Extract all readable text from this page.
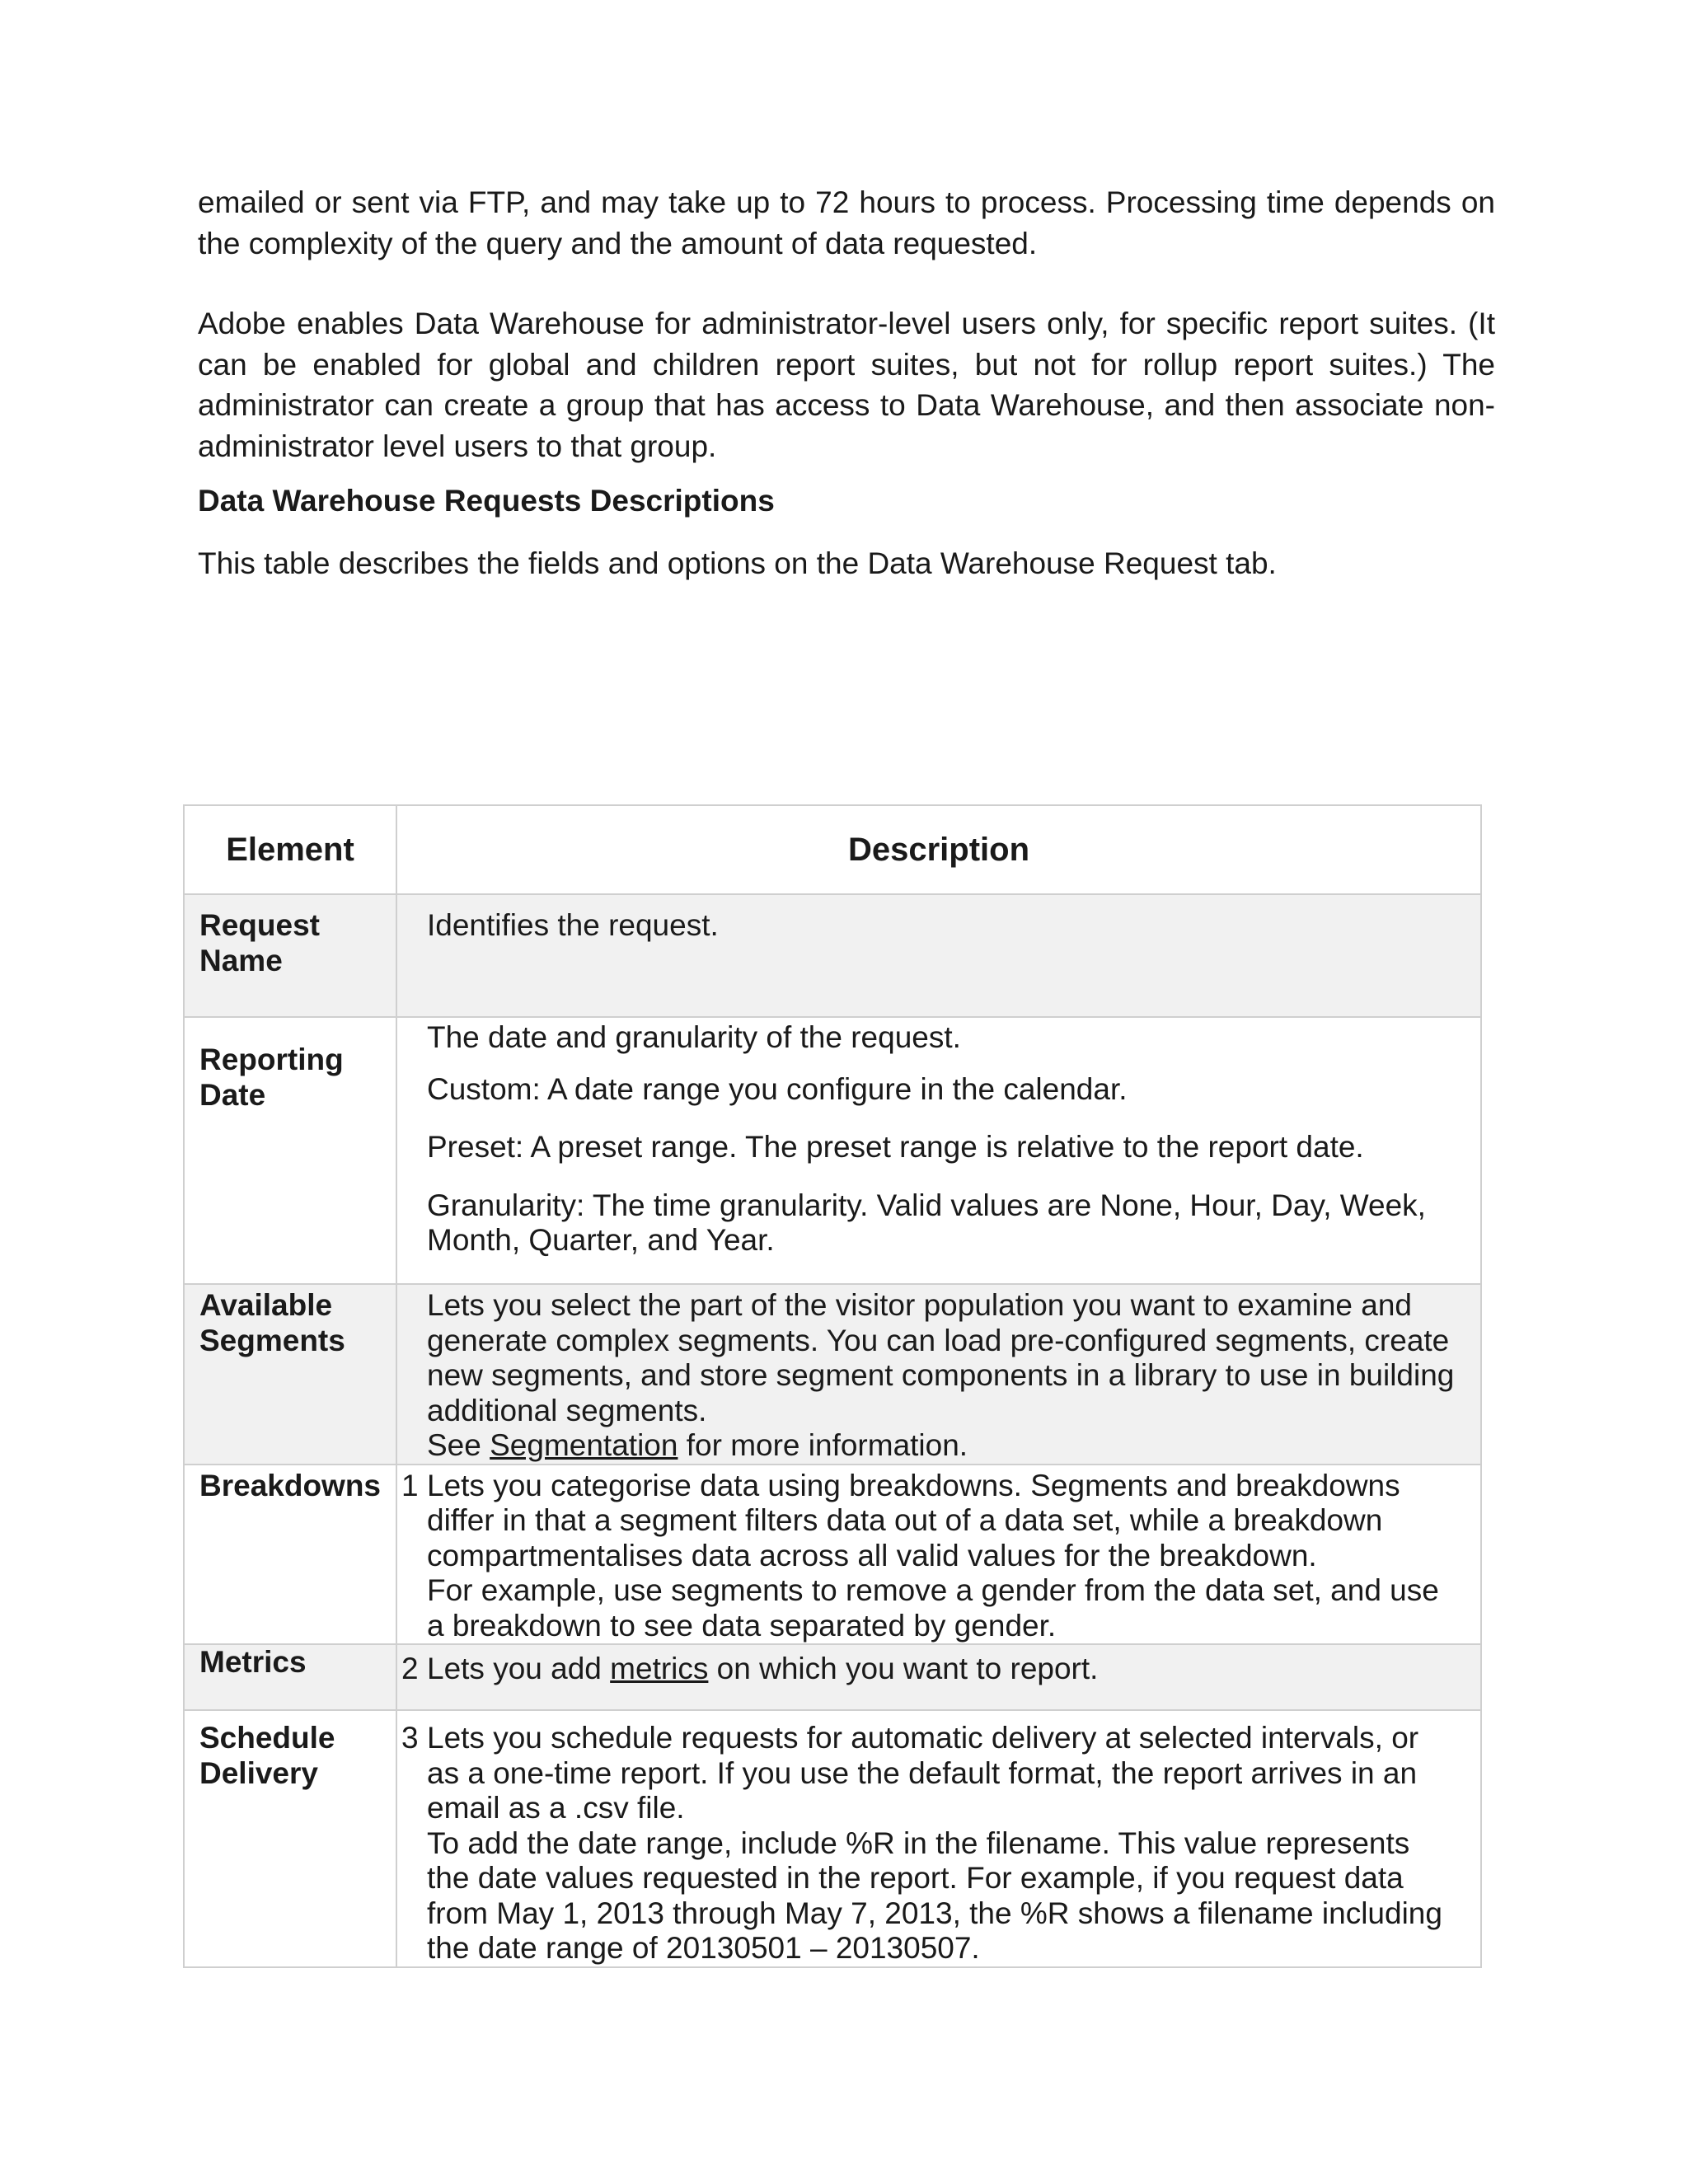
emailed or sent via FTP, and may take up to 72 hours to process. Processing time depends on the complexity of the query and the amount of data requested.

Adobe enables Data Warehouse for administrator-level users only, for specific report suites. (It can be enabled for global and children report suites, but not for rollup report suites.) The administrator can create a group that has access to Data Warehouse, and then associate non-administrator level users to that group.

Data Warehouse Requests Descriptions

This table describes the fields and options on the Data Warehouse Request tab.

Element	Description
Request Name	Identifies the request.

Reporting Date	The date and granularity of the request.

Custom: A date range you configure in the calendar.

Preset: A preset range. The preset range is relative to the report date.

Granularity: The time granularity. Valid values are None, Hour, Day, Week, Month, Quarter, and Year.

Available Segments	Lets you select the part of the visitor population you want to examine and generate complex segments. You can load pre-configured segments, create new segments, and store segment components in a library to use in building additional segments.

See Segmentation for more information.

Breakdowns	1 Lets you categorise data using breakdowns. Segments and breakdowns differ in that a segment filters data out of a data set, while a breakdown compartmentalises data across all valid values for the breakdown.

For example, use segments to remove a gender from the data set, and use a breakdown to see data separated by gender.

Metrics	2 Lets you add metrics on which you want to report.

Schedule Delivery	3 Lets you schedule requests for automatic delivery at selected intervals, or as a one-time report. If you use the default format, the report arrives in an email as a .csv file.

To add the date range, include %R in the filename. This value represents the date values requested in the report. For example, if you request data from May 1, 2013 through May 7, 2013, the %R shows a filename including the date range of 20130501 – 20130507.
